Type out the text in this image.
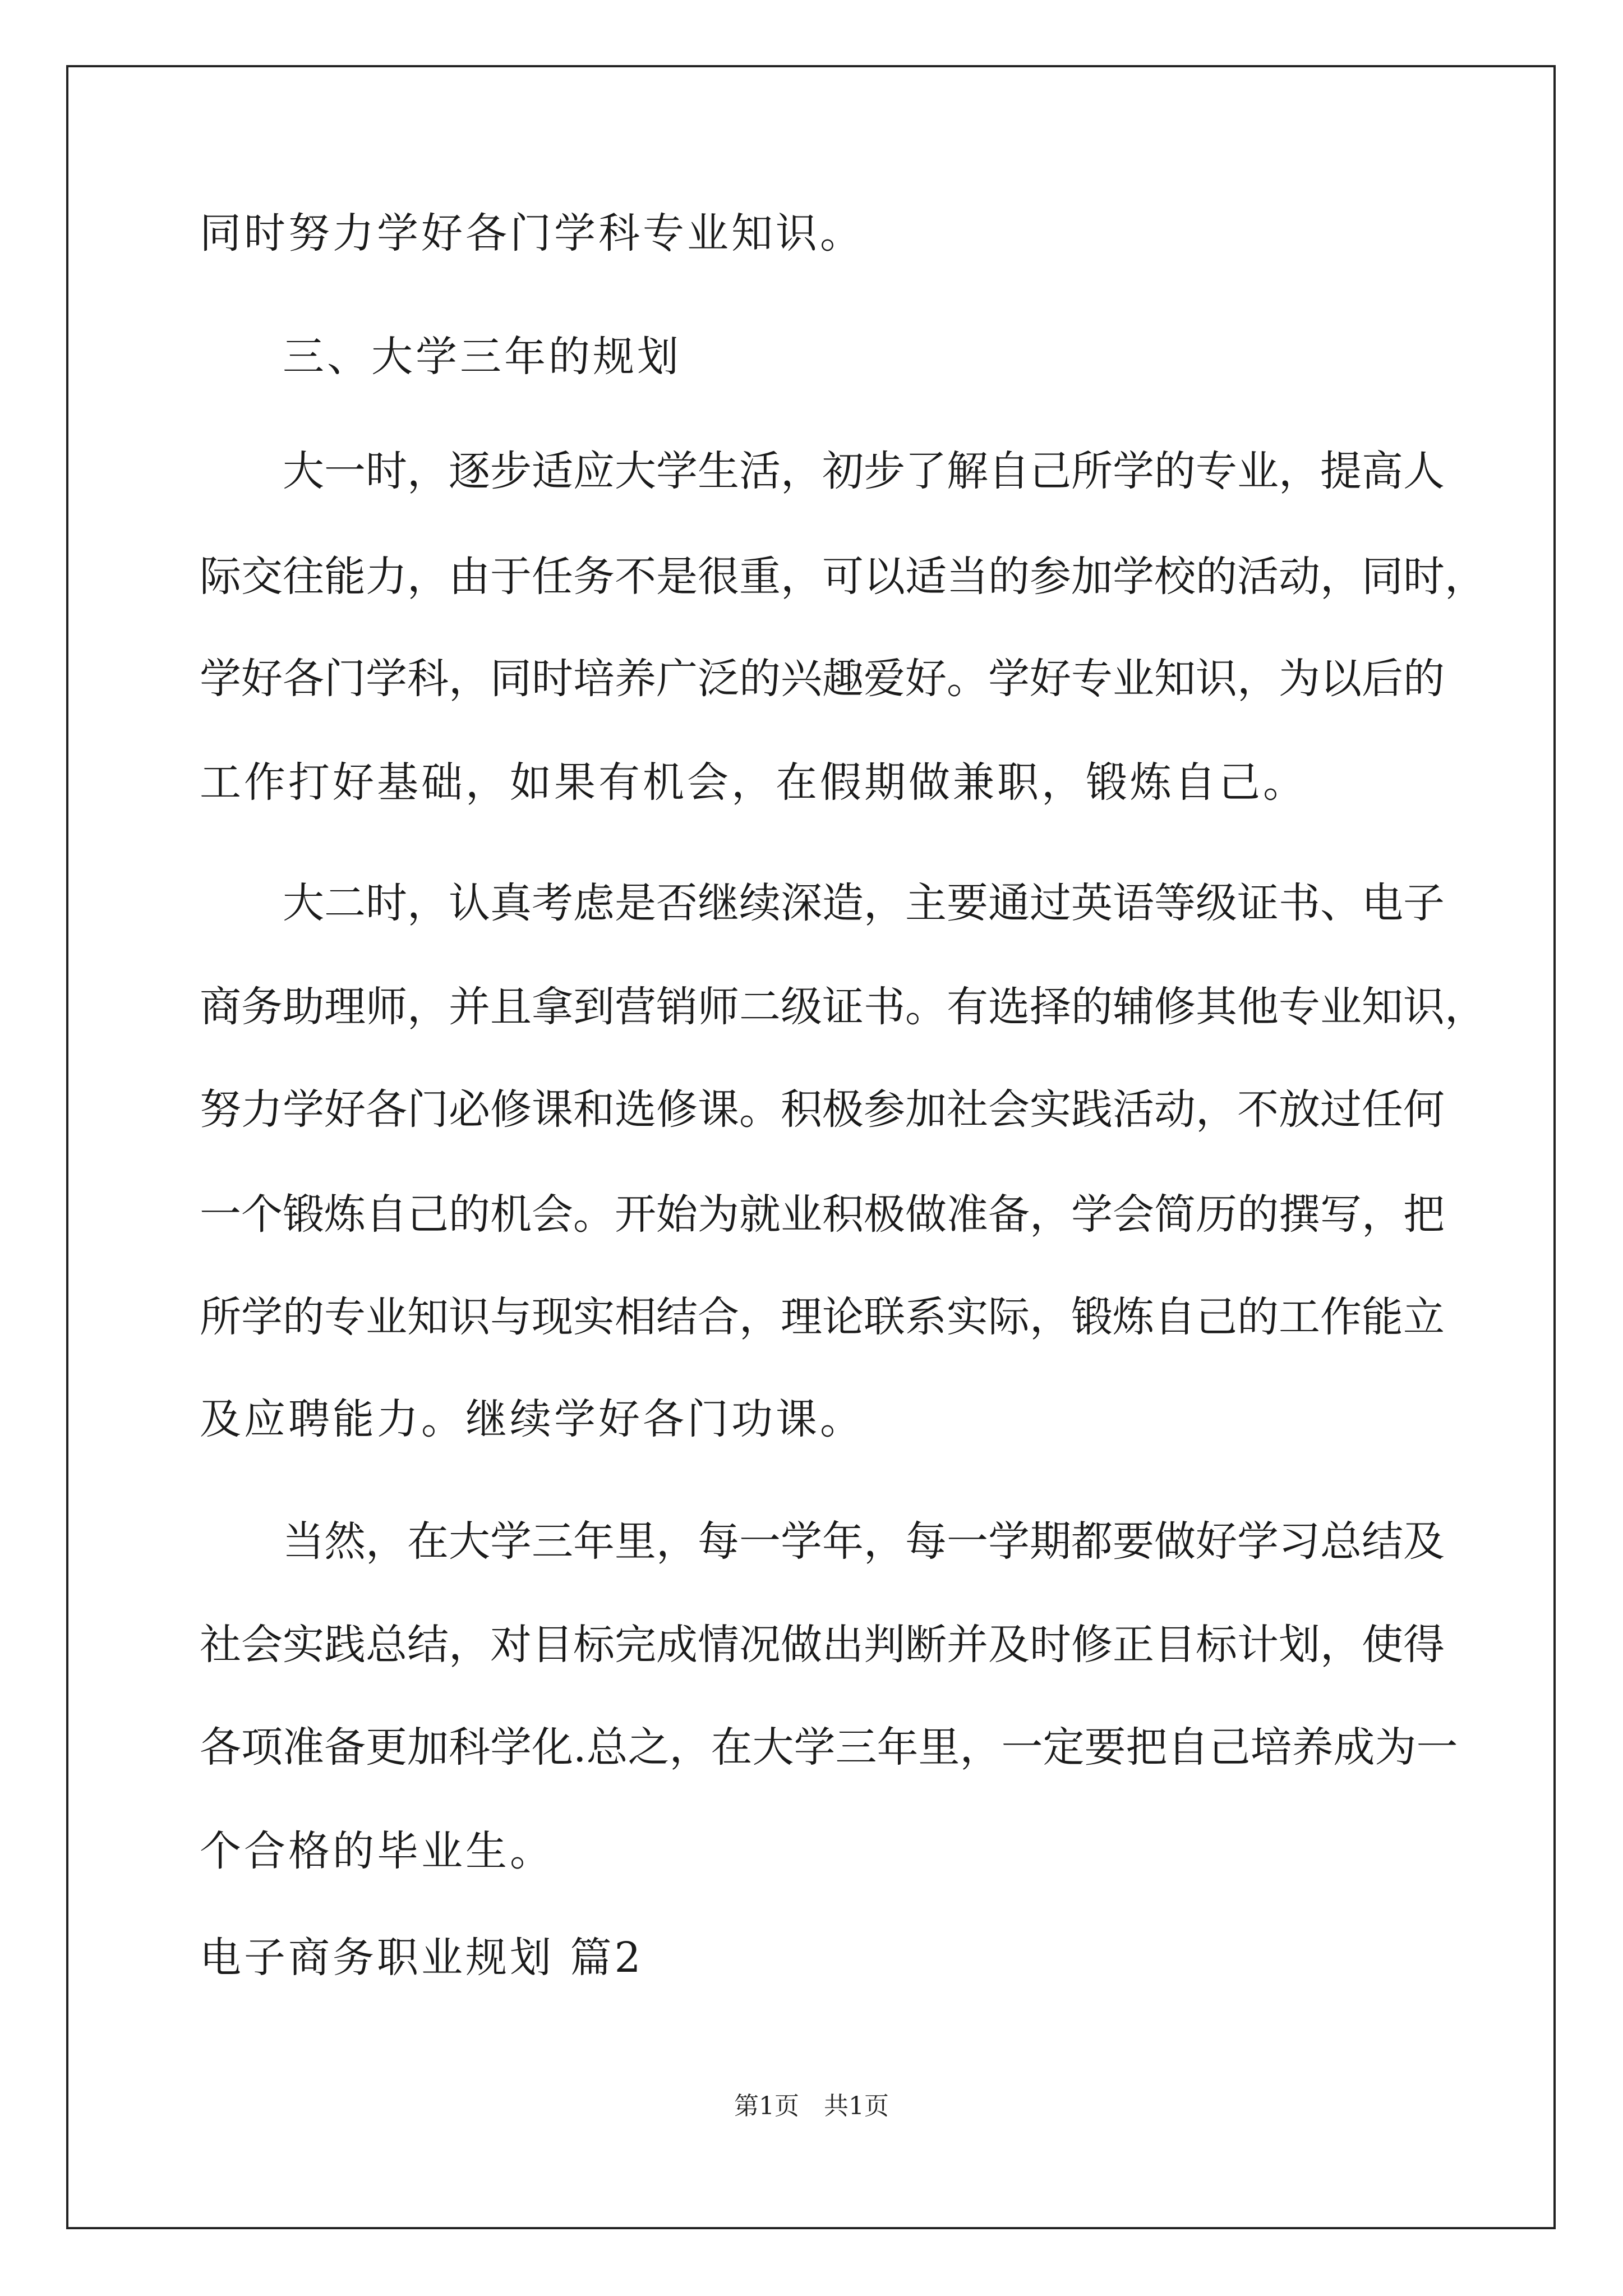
同时努力学好各门学科专业知识。
三、大学三年的规划
大一时，逐步适应大学生活，初步了解自己所学的专业，提高人
际交往能力，由于任务不是很重，可以适当的参加学校的活动，同时，
学好各门学科，同时培养广泛的兴趣爱好。学好专业知识，为以后的
工作打好基础，如果有机会，在假期做兼职，锻炼自己。
大二时，认真考虑是否继续深造，主要通过英语等级证书、电子
商务助理师，并且拿到营销师二级证书。有选择的辅修其他专业知识，
努力学好各门必修课和选修课。积极参加社会实践活动，不放过任何
一个锻炼自己的机会。开始为就业积极做准备，学会简历的撰写，把
所学的专业知识与现实相结合，理论联系实际，锻炼自己的工作能立
及应聘能力。继续学好各门功课。
当然，在大学三年里，每一学年，每一学期都要做好学习总结及
社会实践总结，对目标完成情况做出判断并及时修正目标计划，使得
各项准备更加科学化.总之，在大学三年里，一定要把自己培养成为一
个合格的毕业生。
电子商务职业规划 篇2
第1页　共1页
